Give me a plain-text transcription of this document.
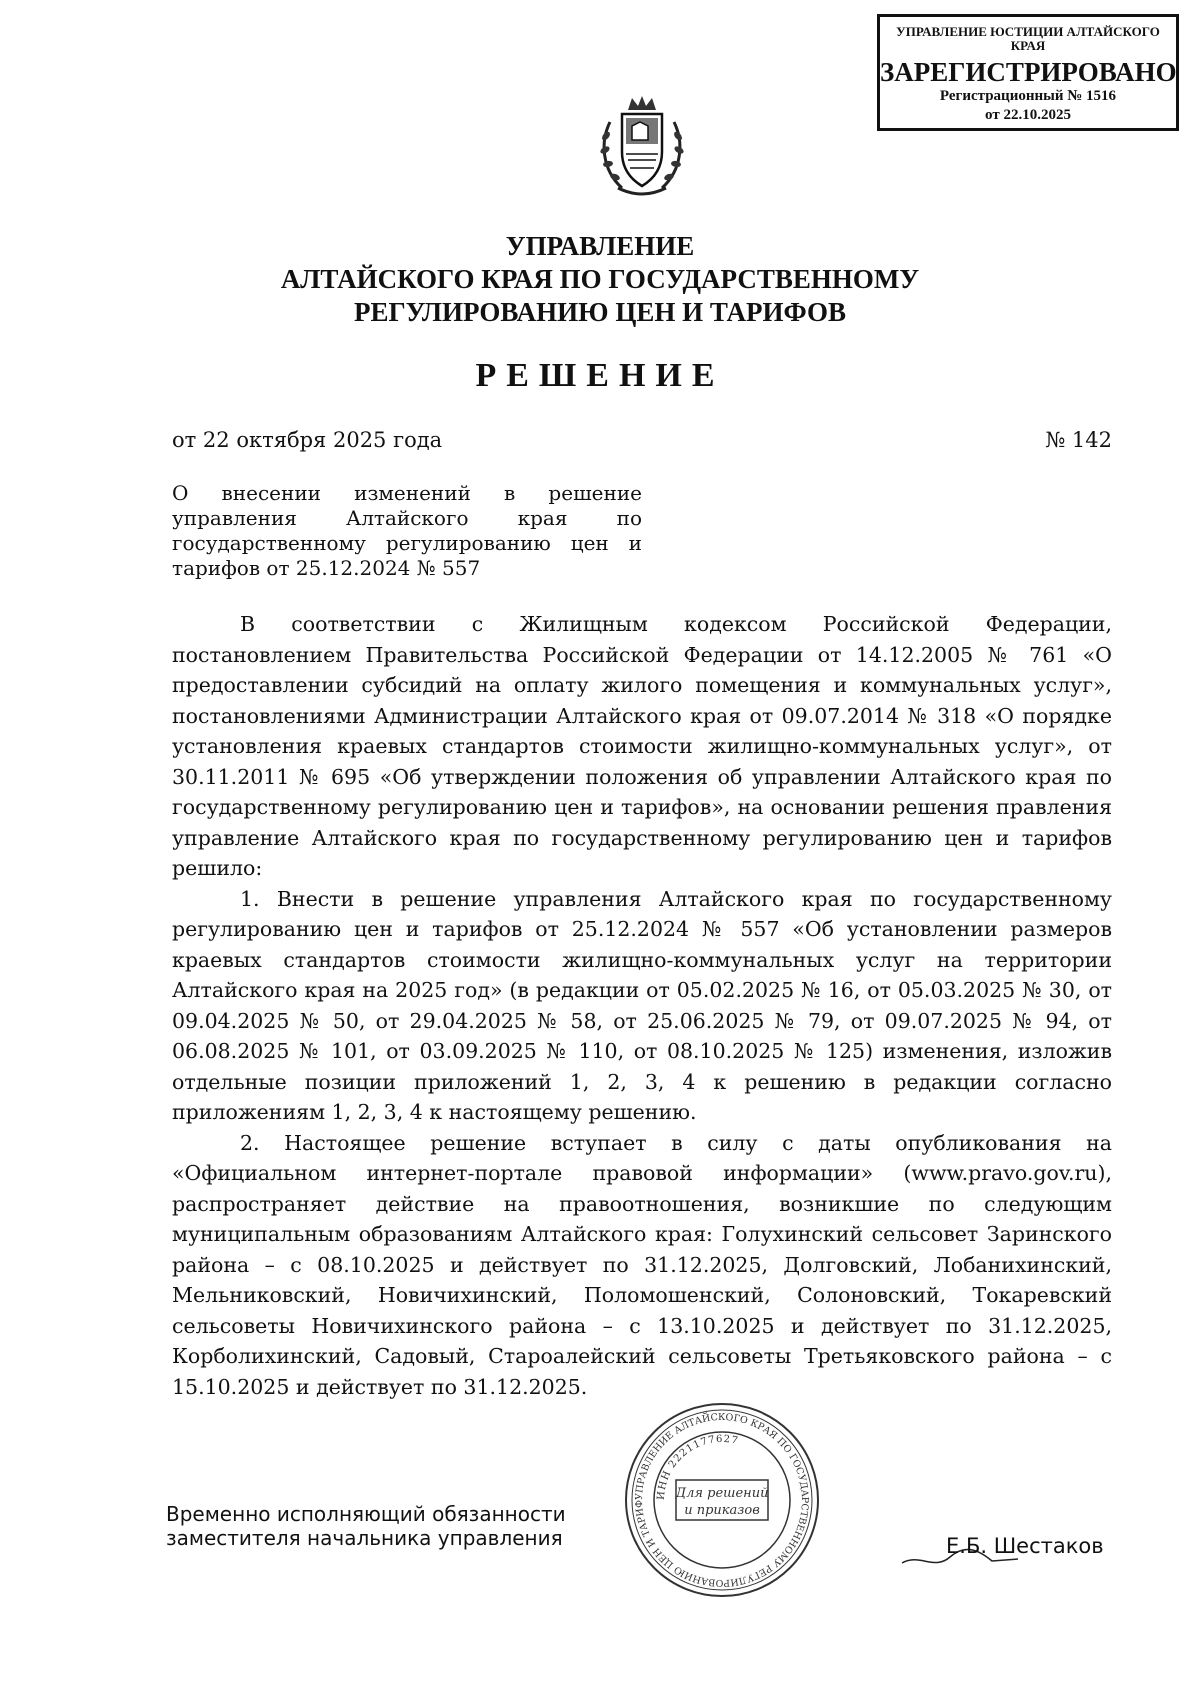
УПРАВЛЕНИЕ ЮСТИЦИИ АЛТАЙСКОГО КРАЯ
ЗАРЕГИСТРИРОВАНО
Регистрационный № 1516
от 22.10.2025
УПРАВЛЕНИЕ
АЛТАЙСКОГО КРАЯ ПО ГОСУДАРСТВЕННОМУ
РЕГУЛИРОВАНИЮ ЦЕН И ТАРИФОВ
РЕШЕНИЕ
от 22 октября 2025 года	№ 142
О внесении изменений в решение управления Алтайского края по государственному регулированию цен и тарифов от 25.12.2024 № 557

В соответствии с Жилищным кодексом Российской Федерации, постановлением Правительства Российской Федерации от 14.12.2005 № 761 «О предоставлении субсидий на оплату жилого помещения и коммунальных услуг», постановлениями Администрации Алтайского края от 09.07.2014 № 318 «О порядке установления краевых стандартов стоимости жилищно-коммунальных услуг», от 30.11.2011 № 695 «Об утверждении положения об управлении Алтайского края по государственному регулированию цен и тарифов», на основании решения правления управление Алтайского края по государственному регулированию цен и тарифов решило:

1. Внести в решение управления Алтайского края по государственному регулированию цен и тарифов от 25.12.2024 № 557 «Об установлении размеров краевых стандартов стоимости жилищно-коммунальных услуг на территории Алтайского края на 2025 год» (в редакции от 05.02.2025 № 16, от 05.03.2025 № 30, от 09.04.2025 № 50, от 29.04.2025 № 58, от 25.06.2025 № 79, от 09.07.2025 № 94, от 06.08.2025 № 101, от 03.09.2025 № 110, от 08.10.2025 № 125) изменения, изложив отдельные позиции приложений 1, 2, 3, 4 к решению в редакции согласно приложениям 1, 2, 3, 4 к настоящему решению.

2. Настоящее решение вступает в силу с даты опубликования на «Официальном интернет-портале правовой информации» (www.pravo.gov.ru), распространяет действие на правоотношения, возникшие по следующим муниципальным образованиям Алтайского края: Голухинский сельсовет Заринского района – с 08.10.2025 и действует по 31.12.2025, Долговский, Лобанихинский, Мельниковский, Новичихинский, Поломошенский, Солоновский, Токаревский сельсоветы Новичихинского района – с 13.10.2025 и действует по 31.12.2025, Корболихинский, Садовый, Староалейский сельсоветы Третьяковского района – с 15.10.2025 и действует по 31.12.2025.

Временно исполняющий обязанности
заместителя начальника управления	Е.Б. Шестаков
УПРАВЛЕНИЕ АЛТАЙСКОГО КРАЯ ПО ГОСУДАРСТВЕННОМУ РЕГУЛИРОВАНИЮ ЦЕН И ТАРИФ
ИНН 2221177627
Для решений
и приказов
